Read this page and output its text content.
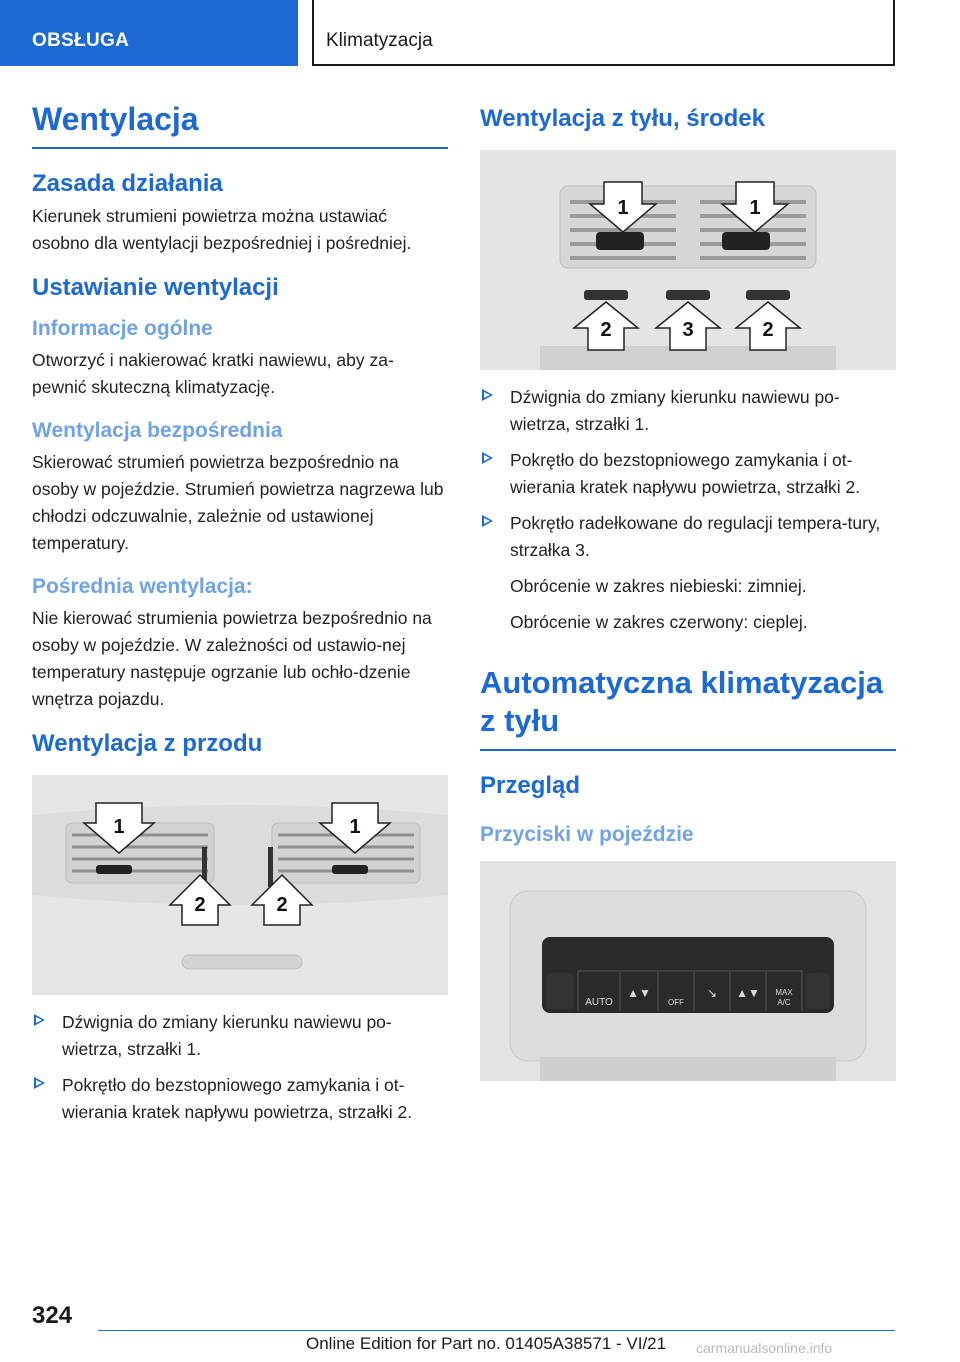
OBSŁUGA	Klimatyzacja
Wentylacja
Zasada działania
Kierunek strumieni powietrza można ustawiać osobno dla wentylacji bezpośredniej i pośredniej.
Ustawianie wentylacji
Informacje ogólne
Otworzyć i nakierować kratki nawiewu, aby za-pewnić skuteczną klimatyzację.
Wentylacja bezpośrednia
Skierować strumień powietrza bezpośrednio na osoby w pojeździe. Strumień powietrza nagrzewa lub chłodzi odczuwalnie, zależnie od ustawionej temperatury.
Pośrednia wentylacja:
Nie kierować strumienia powietrza bezpośrednio na osoby w pojeździe. W zależności od ustawio-nej temperatury następuje ogrzanie lub ochło-dzenie wnętrza pojazdu.
Wentylacja z przodu
1	1
2	2
Dźwignia do zmiany kierunku nawiewu po-wietrza, strzałki 1.
Pokrętło do bezstopniowego zamykania i ot-wierania kratek napływu powietrza, strzałki 2.
Wentylacja z tyłu, środek
1	1
2	3	2
Dźwignia do zmiany kierunku nawiewu po-wietrza, strzałki 1.
Pokrętło do bezstopniowego zamykania i ot-wierania kratek napływu powietrza, strzałki 2.
Pokrętło radełkowane do regulacji tempera-tury, strzałka 3.
Obrócenie w zakres niebieski: zimniej.
Obrócenie w zakres czerwony: cieplej.
Automatyczna klimatyzacja z tyłu
Przegląd
Przyciski w pojeździe
AUTO
▲▼
OFF
↘ ▲▼ MAX
A/C
324
Online Edition for Part no. 01405A38571 - VI/21 carmanualsonline.info
